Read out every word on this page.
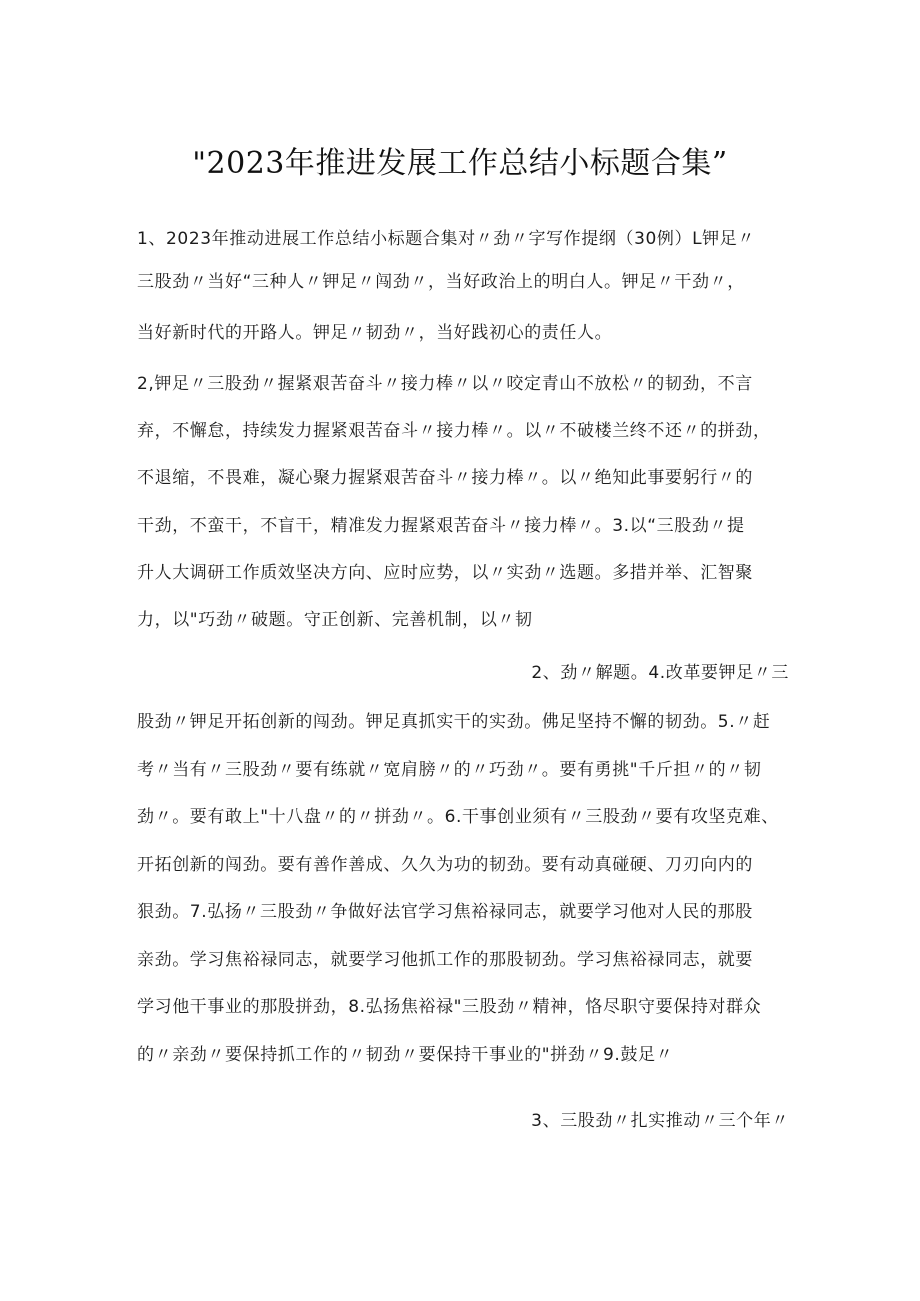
"2023年推进发展工作总结小标题合集”
1、2023年推动进展工作总结小标题合集对〃劲〃字写作提纲（30例）L钾足〃
三股劲〃当好“三种人〃钾足〃闯劲〃，当好政治上的明白人。钾足〃干劲〃，
当好新时代的开路人。钾足〃韧劲〃，当好践初心的责任人。
2,钾足〃三股劲〃握紧艰苦奋斗〃接力棒〃以〃咬定青山不放松〃的韧劲，不言
弃，不懈怠，持续发力握紧艰苦奋斗〃接力棒〃。以〃不破楼兰终不还〃的拼劲，
不退缩，不畏难，凝心聚力握紧艰苦奋斗〃接力棒〃。以〃绝知此事要躬行〃的
干劲，不蛮干，不盲干，精准发力握紧艰苦奋斗〃接力棒〃。3.以“三股劲〃提
升人大调研工作质效坚决方向、应时应势，以〃实劲〃选题。多措并举、汇智聚
力，以"巧劲〃破题。守正创新、完善机制，以〃韧
2、劲〃解题。4.改革要钾足〃三
股劲〃钾足开拓创新的闯劲。钾足真抓实干的实劲。佛足坚持不懈的韧劲。5.〃赶
考〃当有〃三股劲〃要有练就〃宽肩膀〃的〃巧劲〃。要有勇挑"千斤担〃的〃韧
劲〃。要有敢上"十八盘〃的〃拼劲〃。6.干事创业须有〃三股劲〃要有攻坚克难、
开拓创新的闯劲。要有善作善成、久久为功的韧劲。要有动真碰硬、刀刃向内的
狠劲。7.弘扬〃三股劲〃争做好法官学习焦裕禄同志，就要学习他对人民的那股
亲劲。学习焦裕禄同志，就要学习他抓工作的那股韧劲。学习焦裕禄同志，就要
学习他干事业的那股拼劲，8.弘扬焦裕禄"三股劲〃精神，恪尽职守要保持对群众
的〃亲劲〃要保持抓工作的〃韧劲〃要保持干事业的"拼劲〃9.鼓足〃
3、三股劲〃扎实推动〃三个年〃
